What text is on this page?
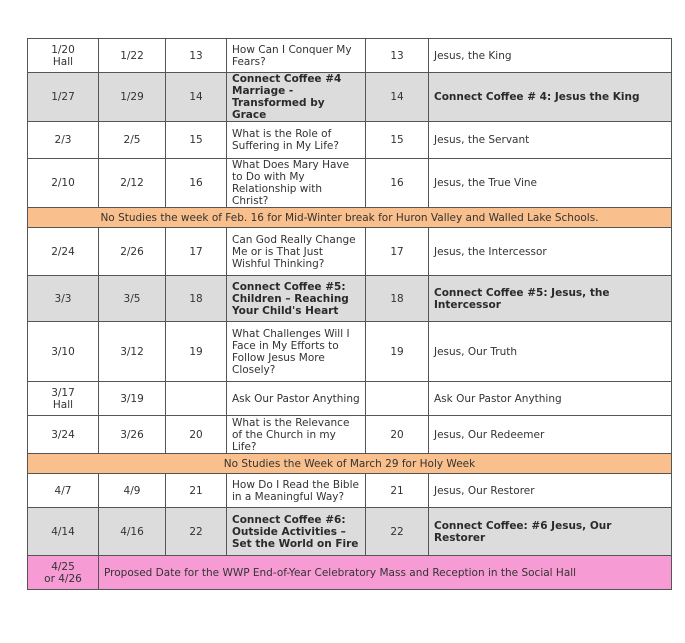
1/20
Hall	1/22	13	How Can I Conquer My Fears?	13	Jesus, the King
1/27	1/29	14	Connect Coffee #4 Marriage - Transformed by Grace	14	Connect Coffee # 4: Jesus the King
2/3	2/5	15	What is the Role of Suffering in My Life?	15	Jesus, the Servant
2/10	2/12	16	What Does Mary Have to Do with My Relationship with Christ?	16	Jesus, the True Vine
No Studies the week of Feb. 16 for Mid-Winter break for Huron Valley and Walled Lake Schools.					
2/24	2/26	17	Can God Really Change Me or is That Just Wishful Thinking?	17	Jesus, the Intercessor
3/3	3/5	18	Connect Coffee #5: Children – Reaching Your Child's Heart	18	Connect Coffee #5: Jesus, the Intercessor
3/10	3/12	19	What Challenges Will I Face in My Efforts to Follow Jesus More Closely?	19	Jesus, Our Truth
3/17
Hall	3/19		Ask Our Pastor Anything		Ask Our Pastor Anything
3/24	3/26	20	What is the Relevance of the Church in my Life?	20	Jesus, Our Redeemer
No Studies the Week of March 29 for Holy Week					
4/7	4/9	21	How Do I Read the Bible in a Meaningful Way?	21	Jesus, Our Restorer
4/14	4/16	22	Connect Coffee #6: Outside Activities – Set the World on Fire	22	Connect Coffee: #6 Jesus, Our Restorer
4/25
or 4/26	Proposed Date for the WWP End-of-Year Celebratory Mass and Reception in the Social Hall				
